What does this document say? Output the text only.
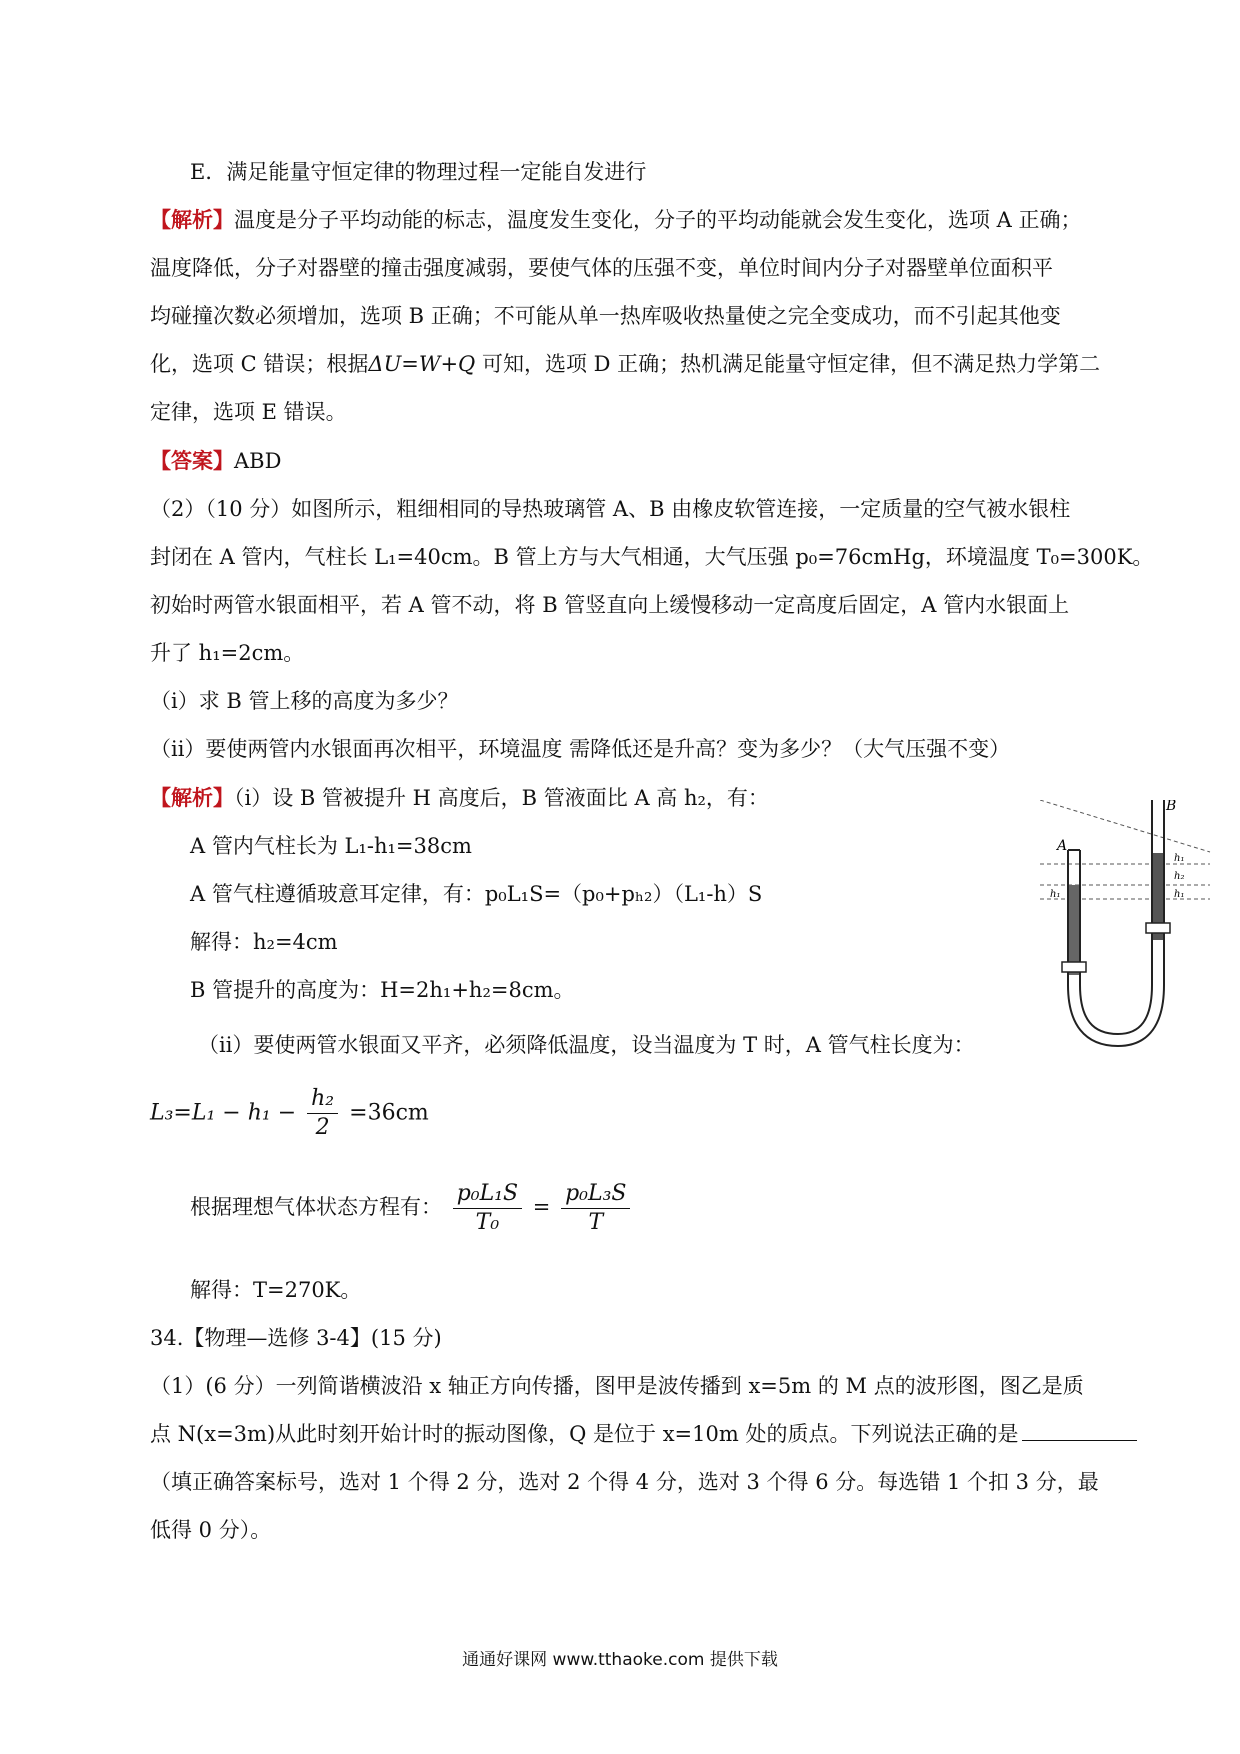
E．满足能量守恒定律的物理过程一定能自发进行
【解析】温度是分子平均动能的标志，温度发生变化，分子的平均动能就会发生变化，选项 A 正确；
温度降低，分子对器壁的撞击强度减弱，要使气体的压强不变，单位时间内分子对器壁单位面积平
均碰撞次数必须增加，选项 B 正确；不可能从单一热库吸收热量使之完全变成功，而不引起其他变
化，选项 C 错误；根据ΔU=W+Q 可知，选项 D 正确；热机满足能量守恒定律，但不满足热力学第二
定律，选项 E 错误。
【答案】ABD
（2）（10 分）如图所示，粗细相同的导热玻璃管 A、B 由橡皮软管连接，一定质量的空气被水银柱
封闭在 A 管内，气柱长 L₁=40cm。B 管上方与大气相通，大气压强 p₀=76cmHg，环境温度 T₀=300K。
初始时两管水银面相平，若 A 管不动，将 B 管竖直向上缓慢移动一定高度后固定，A 管内水银面上
升了 h₁=2cm。
（i）求 B 管上移的高度为多少？
（ii）要使两管内水银面再次相平，环境温度 需降低还是升高？变为多少？（大气压强不变）
【解析】（i）设 B 管被提升 H 高度后，B 管液面比 A 高 h₂，有：
A 管内气柱长为 L₁-h₁=38cm
A 管气柱遵循玻意耳定律，有：p₀L₁S=（p₀+pₕ₂）（L₁-h）S
解得：h₂=4cm
B 管提升的高度为：H=2h₁+h₂=8cm。
（ii）要使两管水银面又平齐，必须降低温度，设当温度为 T 时，A 管气柱长度为：
$L_3=L_1 - h_1 - \frac{\text{h₂}}{2} =36cm$
根据理想气体状态方程有： $\frac{\text{p₀L₁S}}{\text{T₀}} = \frac{\text{p₀L₃S}}{T}$
解得：T=270K。
34.【物理—选修 3-4】(15 分)
（1）(6 分）一列简谐横波沿 x 轴正方向传播，图甲是波传播到 x=5m 的 M 点的波形图，图乙是质
点 N(x=3m)从此时刻开始计时的振动图像，Q 是位于 x=10m 处的质点。下列说法正确的是
（填正确答案标号，选对 1 个得 2 分，选对 2 个得 4 分，选对 3 个得 6 分。每选错 1 个扣 3 分，最
低得 0 分）。
A
B
h₁
h₁
h₂
h₁
通通好课网 www.tthaoke.com 提供下载
